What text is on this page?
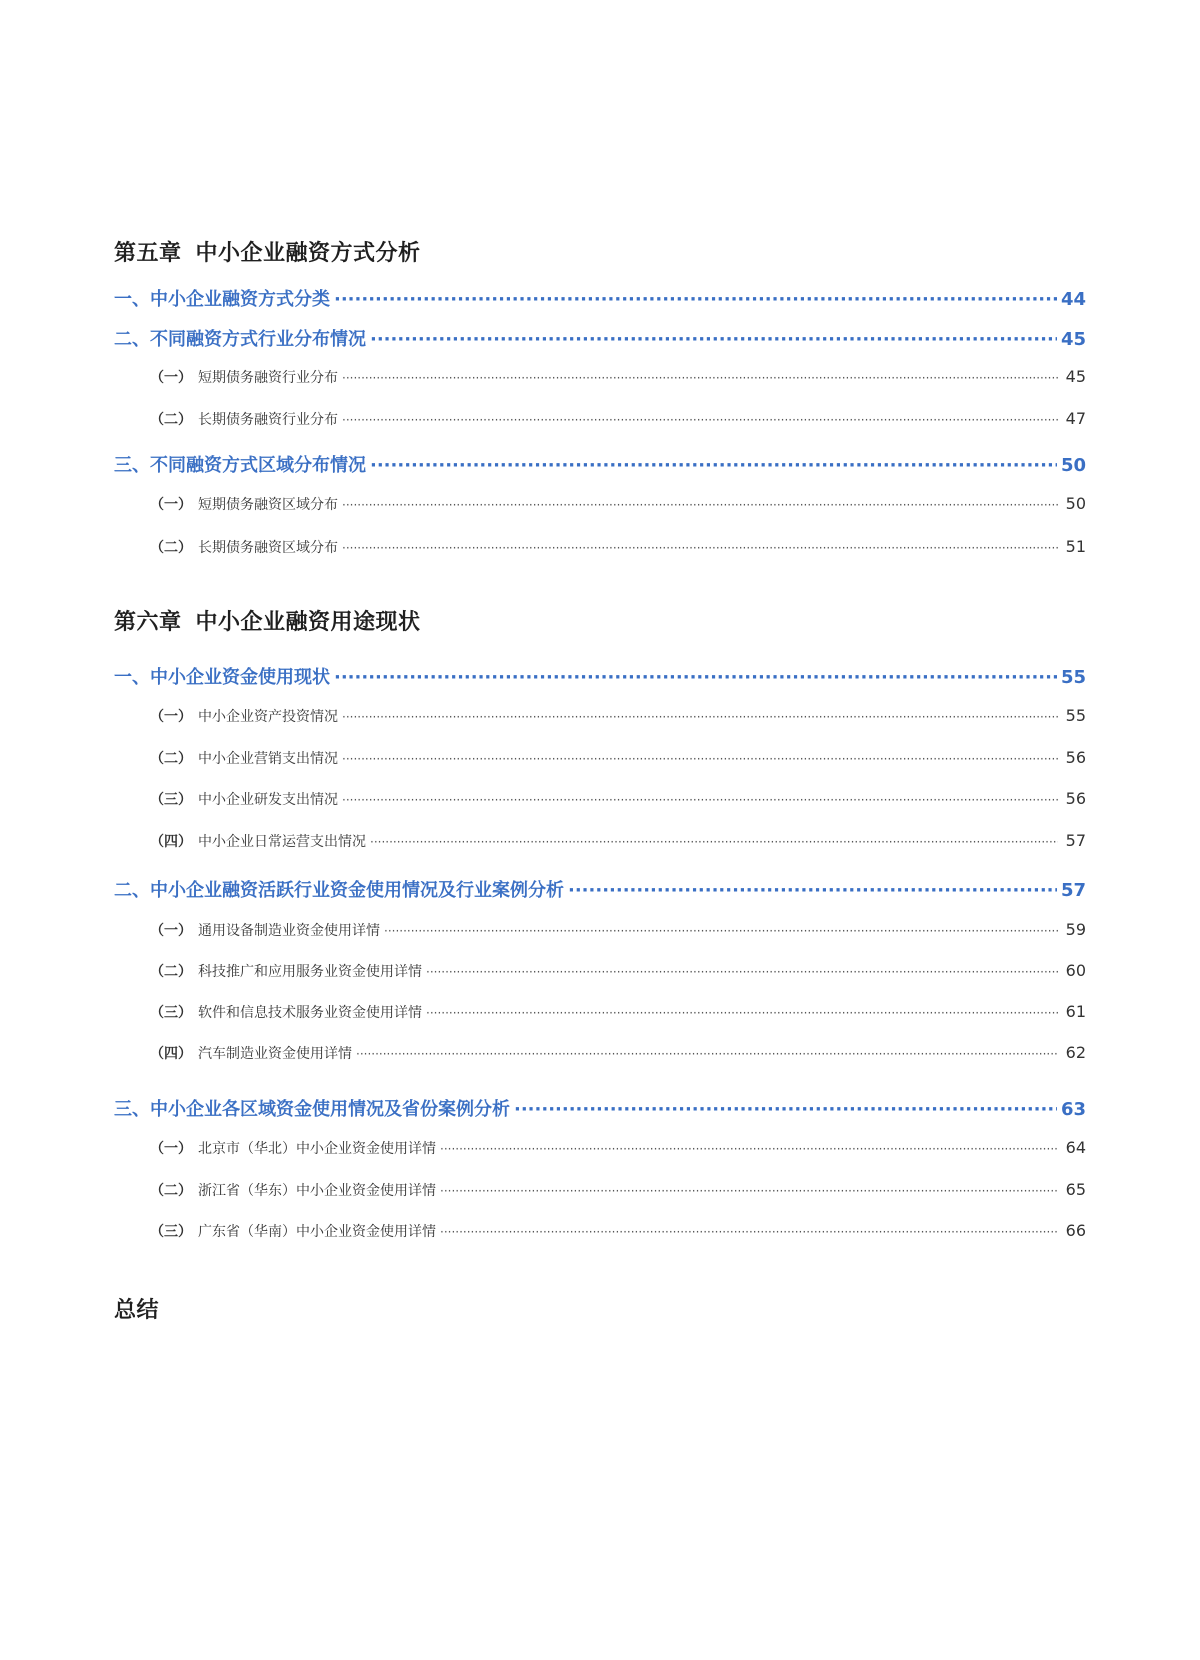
第五章 中小企业融资方式分析
一、中小企业融资方式分类 ·····	44
二、不同融资方式行业分布情况 ·····	45
（一） 短期债务融资行业分布 ·····	45
（二） 长期债务融资行业分布 ·····	47
三、不同融资方式区域分布情况 ·····	50
（一） 短期债务融资区域分布 ·····	50
（二） 长期债务融资区域分布 ·····	51
第六章 中小企业融资用途现状
一、中小企业资金使用现状 ·····	55
（一） 中小企业资产投资情况 ·····	55
（二） 中小企业营销支出情况 ·····	56
（三） 中小企业研发支出情况 ·····	56
（四） 中小企业日常运营支出情况 ·····	57
二、中小企业融资活跃行业资金使用情况及行业案例分析 ·····	57
（一） 通用设备制造业资金使用详情 ·····	59
（二） 科技推广和应用服务业资金使用详情 ·····	60
（三） 软件和信息技术服务业资金使用详情 ·····	61
（四） 汽车制造业资金使用详情 ·····	62
三、中小企业各区域资金使用情况及省份案例分析 ·····	63
（一） 北京市（华北）中小企业资金使用详情 ·····	64
（二） 浙江省（华东）中小企业资金使用详情 ·····	65
（三） 广东省（华南）中小企业资金使用详情 ·····	66
总结
